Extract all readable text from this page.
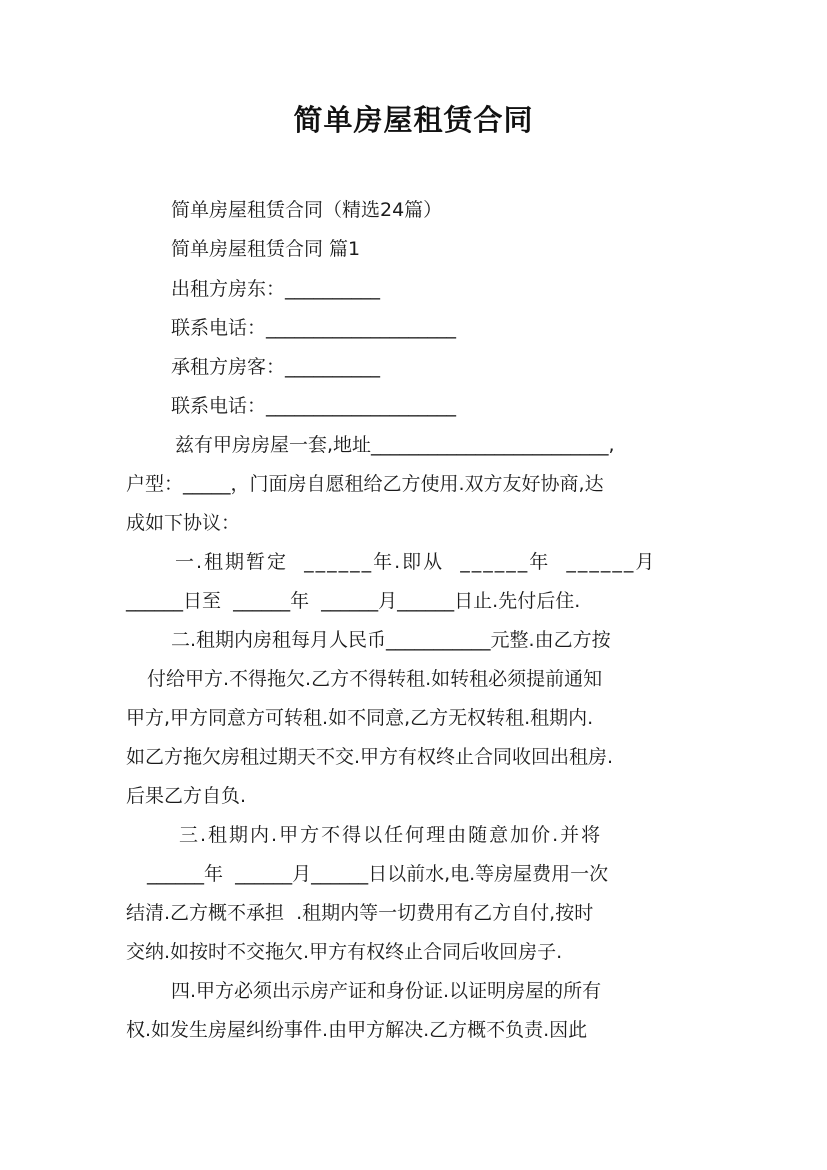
简单房屋租赁合同
简单房屋租赁合同（精选24篇）
简单房屋租赁合同 篇1
出租方房东：__________
联系电话：____________________
承租方房客：__________
联系电话：____________________
兹有甲房房屋一套,地址_________________________,
户型：_____，门面房自愿租给乙方使用.双方友好协商,达
成如下协议：
一.租期暂定  ______年.即从  ______年  ______月
______日至  ______年  ______月______日止.先付后住.
二.租期内房租每月人民币___________元整.由乙方按
付给甲方.不得拖欠.乙方不得转租.如转租必须提前通知
甲方,甲方同意方可转租.如不同意,乙方无权转租.租期内.
如乙方拖欠房租过期天不交.甲方有权终止合同收回出租房.
后果乙方自负.
三.租期内.甲方不得以任何理由随意加价.并将
______年  ______月______日以前水,电.等房屋费用一次
结清.乙方概不承担  .租期内等一切费用有乙方自付,按时
交纳.如按时不交拖欠.甲方有权终止合同后收回房子.
四.甲方必须出示房产证和身份证.以证明房屋的所有
权.如发生房屋纠纷事件.由甲方解决.乙方概不负责.因此
